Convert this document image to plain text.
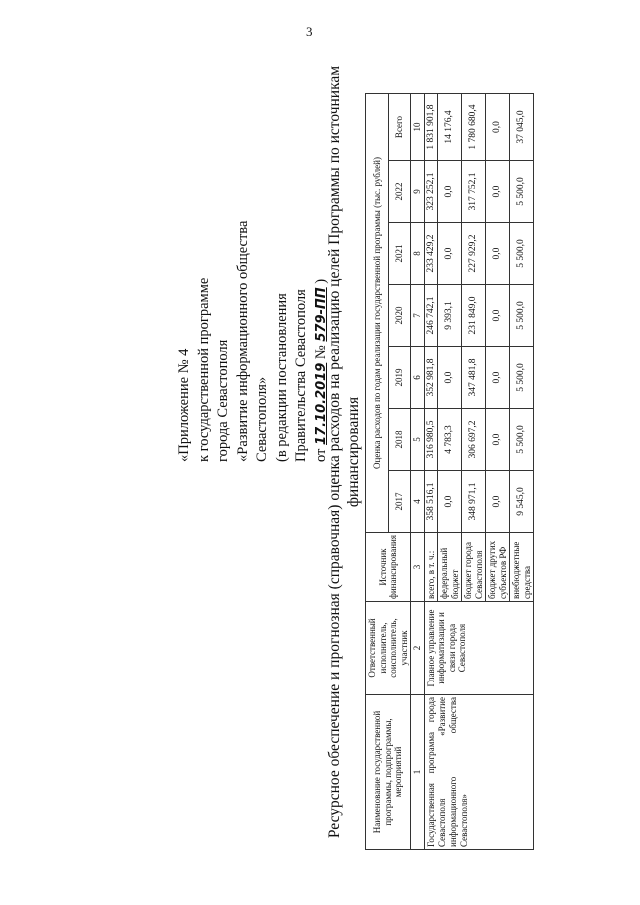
3
«Приложение № 4 к государственной программе города Севастополя «Развитие информационного общества Севастополя» (в редакции постановления Правительства Севастополя от 17.10.2019 № 579-ПП )
Ресурсное обеспечение и прогнозная (справочная) оценка расходов на реализацию целей Программы по источникам финансирования
Наименование государственной программы, подпрограммы, мероприятий	Ответственный исполнитель, соисполнитель, участник	Источник финансирования	Оценка расходов по годам реализации государственной программы (тыс. рублей)						
			2017	2018	2019	2020	2021	2022	Всего
1	2	3	4	5	6	7	8	9	10
Государственная программа города Севастополя «Развитие информационного общества Севастополя»	Главное управление информатизации и связи города Севастополя	всего, в т. ч.:	358 516,1	316 980,5	352 981,8	246 742,1	233 429,2	323 252,1	1 831 901,8
		федеральный бюджет	0,0	4 783,3	0,0	9 393,1	0,0	0,0	14 176,4
		бюджет города Севастополя	348 971,1	306 697,2	347 481,8	231 849,0	227 929,2	317 752,1	1 780 680,4
		бюджет других субъектов РФ	0,0	0,0	0,0	0,0	0,0	0,0	0,0
		внебюджетные средства	9 545,0	5 500,0	5 500,0	5 500,0	5 500,0	5 500,0	37 045,0
